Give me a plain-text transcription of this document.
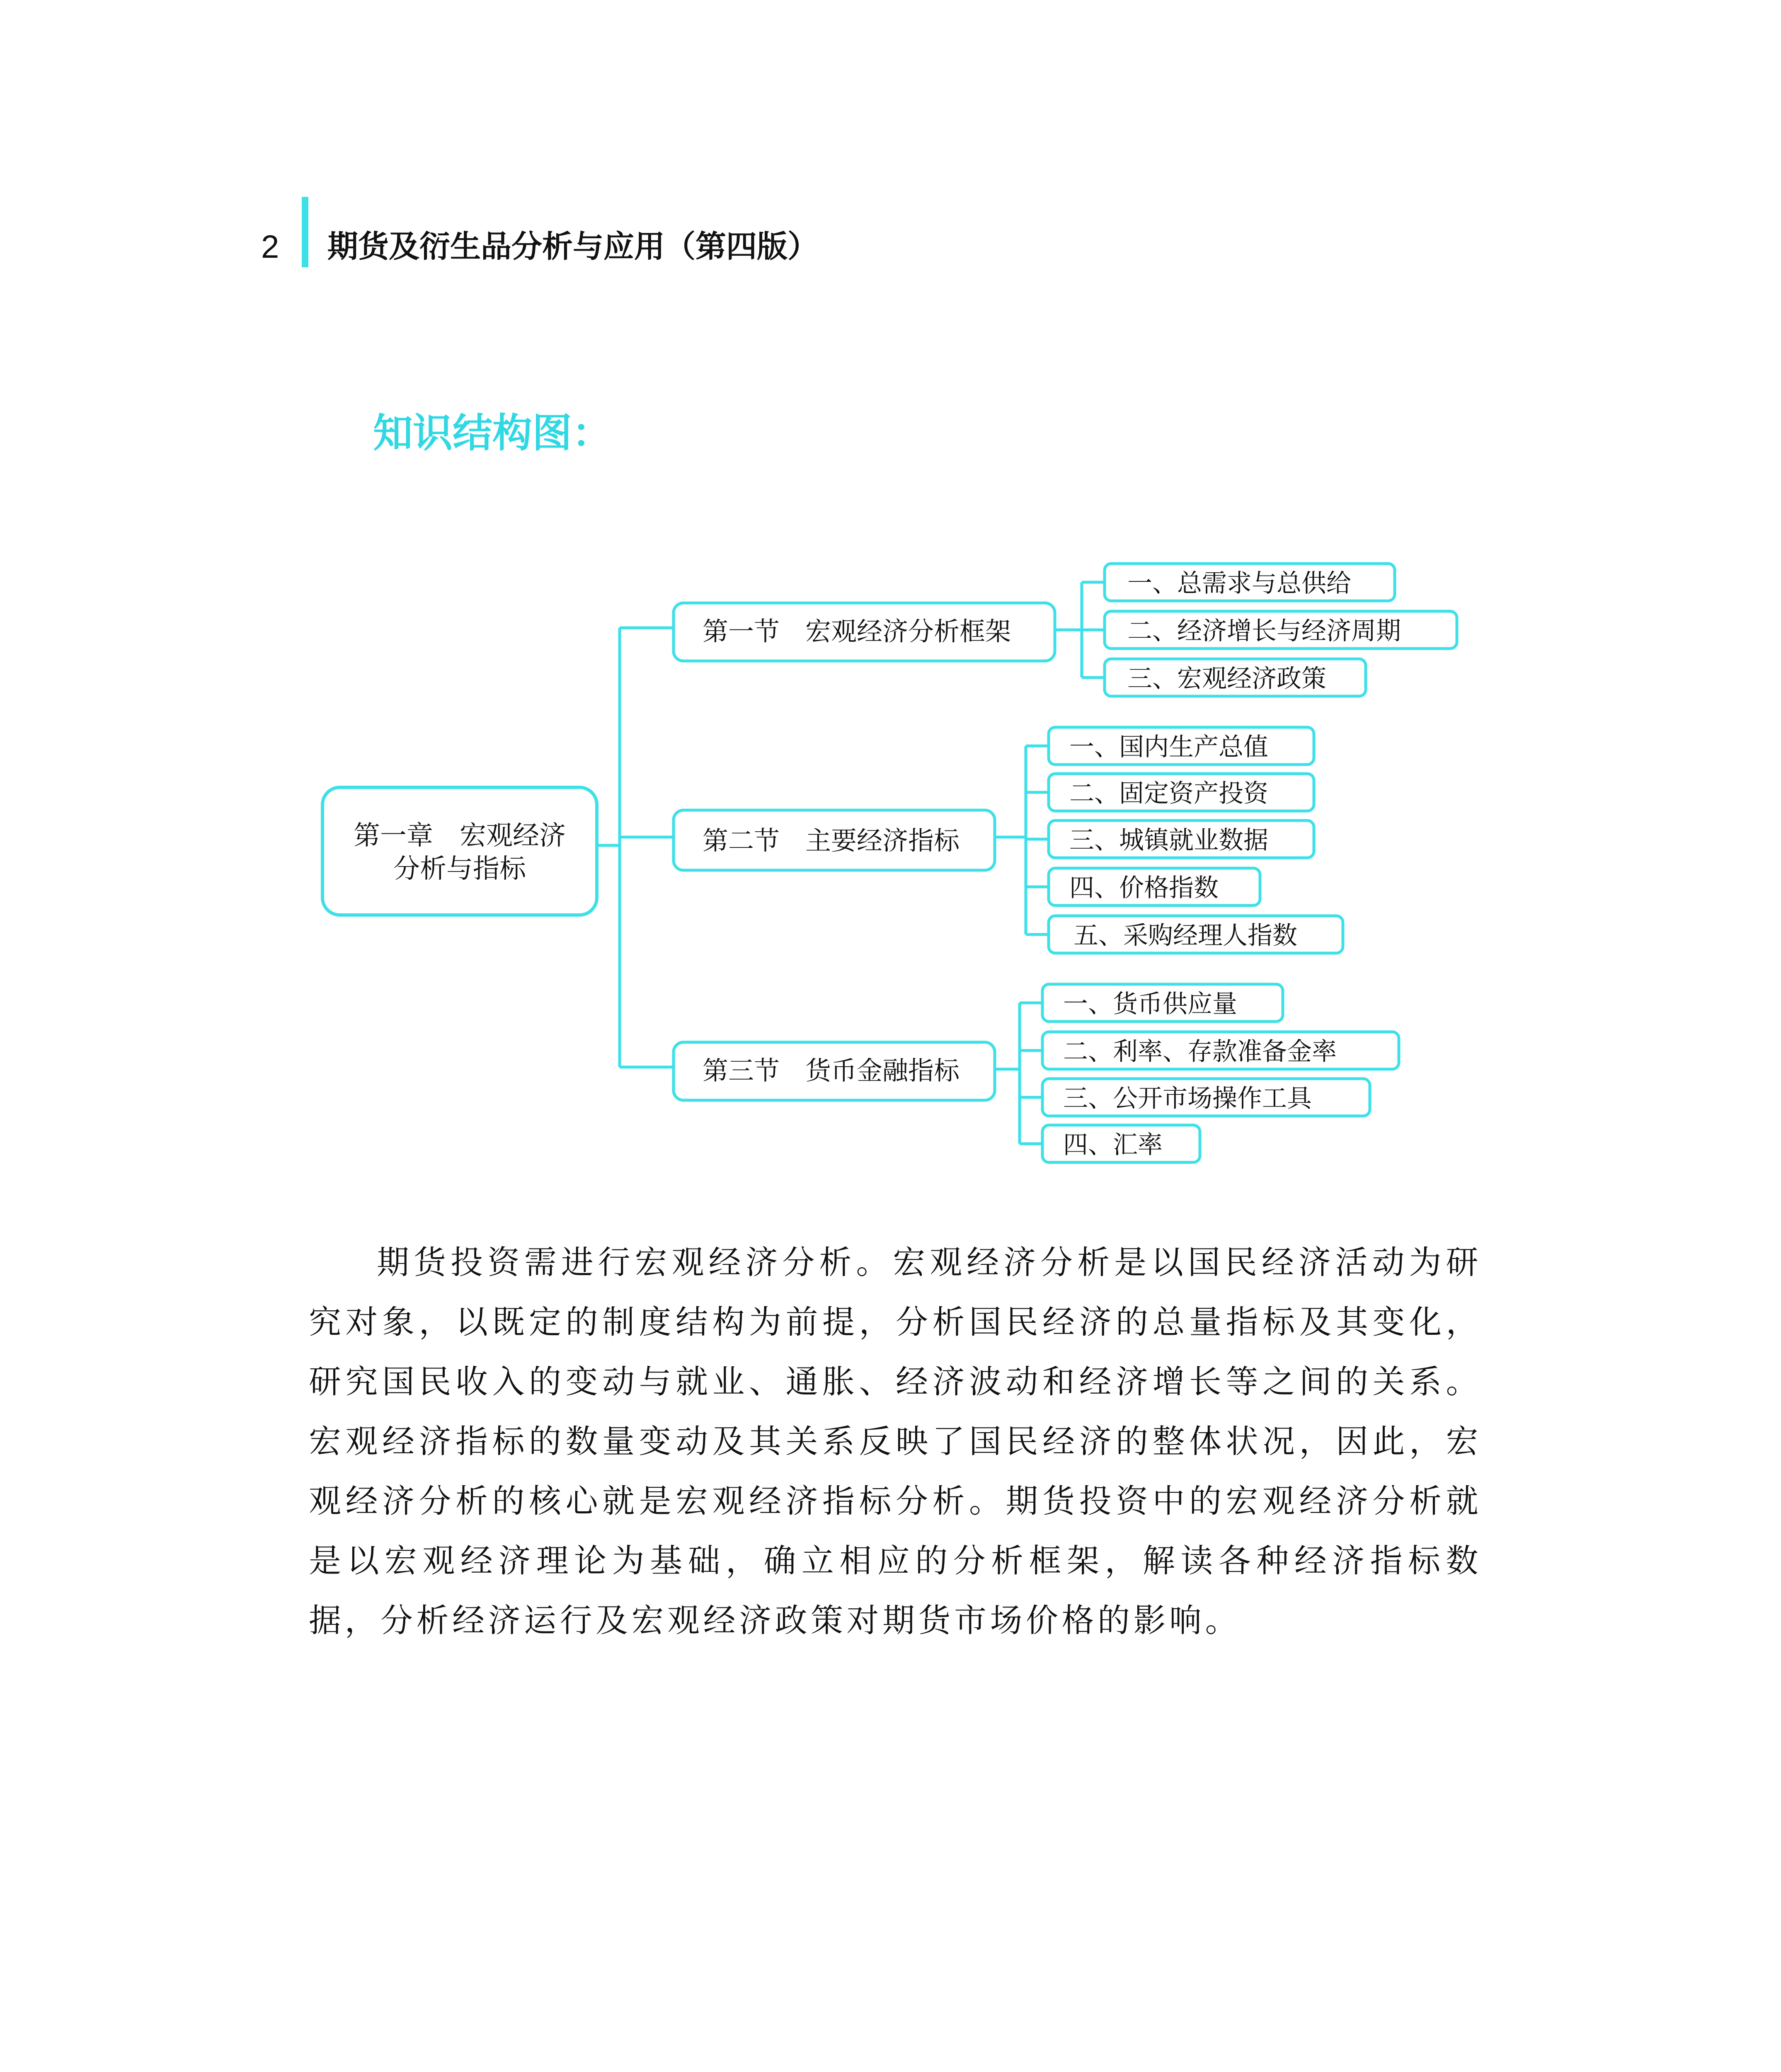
2 期货及衍生品分析与应用（第四版）
知识结构图：
第一章　宏观经济
分析与指标
第一节　宏观经济分析框架
第二节　主要经济指标
第三节　货币金融指标
一、总需求与总供给
二、经济增长与经济周期
三、宏观经济政策
一、国内生产总值
二、固定资产投资
三、城镇就业数据
四、价格指数
五、采购经理人指数
一、货币供应量
二、利率、存款准备金率
三、公开市场操作工具
四、汇率

期货投资需进行宏观经济分析。宏观经济分析是以国民经济活动为研究对象，以既定的制度结构为前提，分析国民经济的总量指标及其变化，研究国民收入的变动与就业、通胀、经济波动和经济增长等之间的关系。宏观经济指标的数量变动及其关系反映了国民经济的整体状况，因此，宏观经济分析的核心就是宏观经济指标分析。期货投资中的宏观经济分析就是以宏观经济理论为基础，确立相应的分析框架，解读各种经济指标数据，分析经济运行及宏观经济政策对期货市场价格的影响。
